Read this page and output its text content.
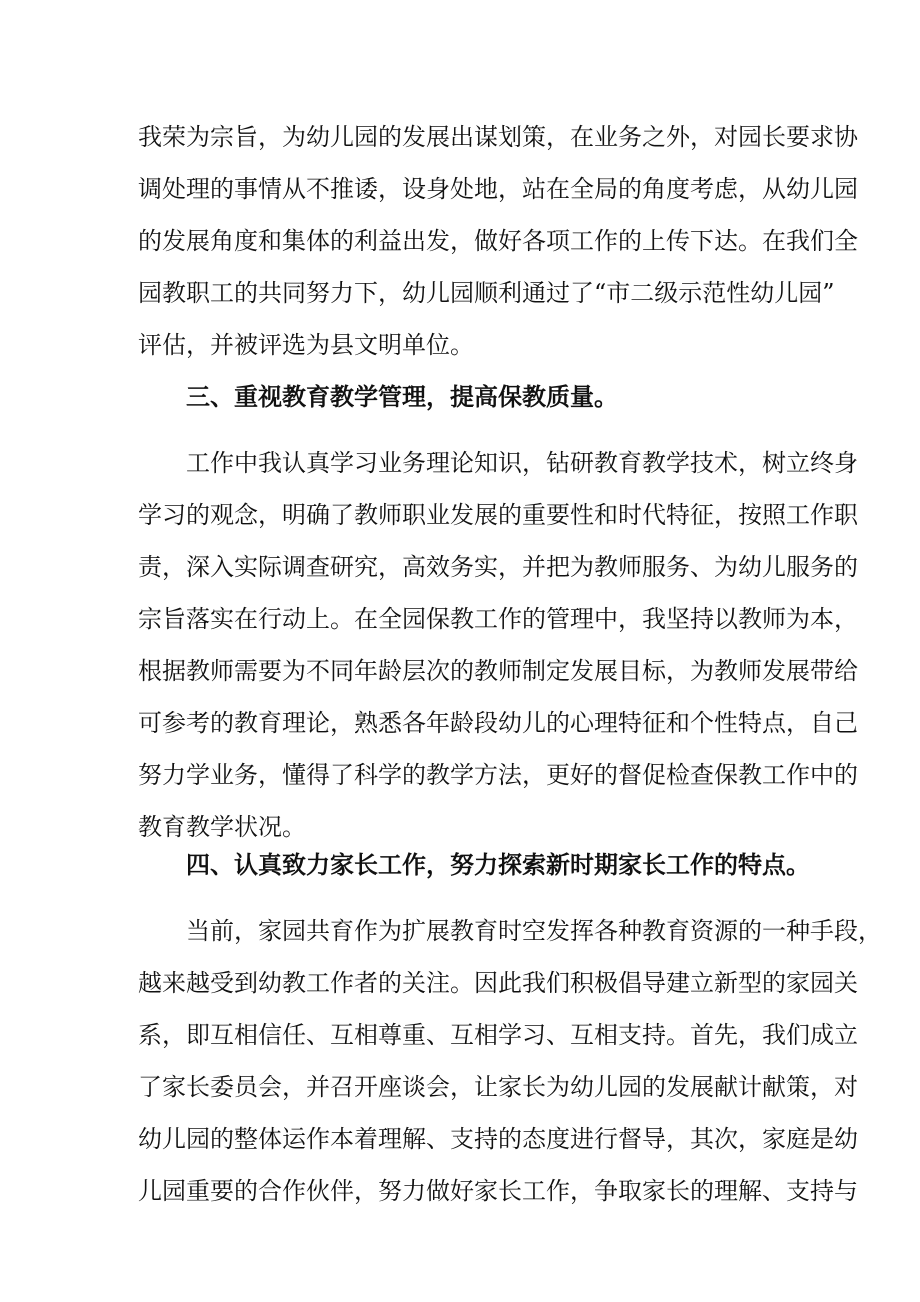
我荣为宗旨，为幼儿园的发展出谋划策，在业务之外，对园长要求协

调处理的事情从不推诿，设身处地，站在全局的角度考虑，从幼儿园

的发展角度和集体的利益出发，做好各项工作的上传下达。在我们全

园教职工的共同努力下，幼儿园顺利通过了“市二级示范性幼儿园”

评估，并被评选为县文明单位。

三、重视教育教学管理，提高保教质量。

工作中我认真学习业务理论知识，钻研教育教学技术，树立终身

学习的观念，明确了教师职业发展的重要性和时代特征，按照工作职

责，深入实际调查研究，高效务实，并把为教师服务、为幼儿服务的

宗旨落实在行动上。在全园保教工作的管理中，我坚持以教师为本，

根据教师需要为不同年龄层次的教师制定发展目标，为教师发展带给

可参考的教育理论，熟悉各年龄段幼儿的心理特征和个性特点，自己

努力学业务，懂得了科学的教学方法，更好的督促检查保教工作中的

教育教学状况。

四、认真致力家长工作，努力探索新时期家长工作的特点。

当前，家园共育作为扩展教育时空发挥各种教育资源的一种手段，

越来越受到幼教工作者的关注。因此我们积极倡导建立新型的家园关

系，即互相信任、互相尊重、互相学习、互相支持。首先，我们成立

了家长委员会，并召开座谈会，让家长为幼儿园的发展献计献策，对

幼儿园的整体运作本着理解、支持的态度进行督导，其次，家庭是幼

儿园重要的合作伙伴，努力做好家长工作，争取家长的理解、支持与
